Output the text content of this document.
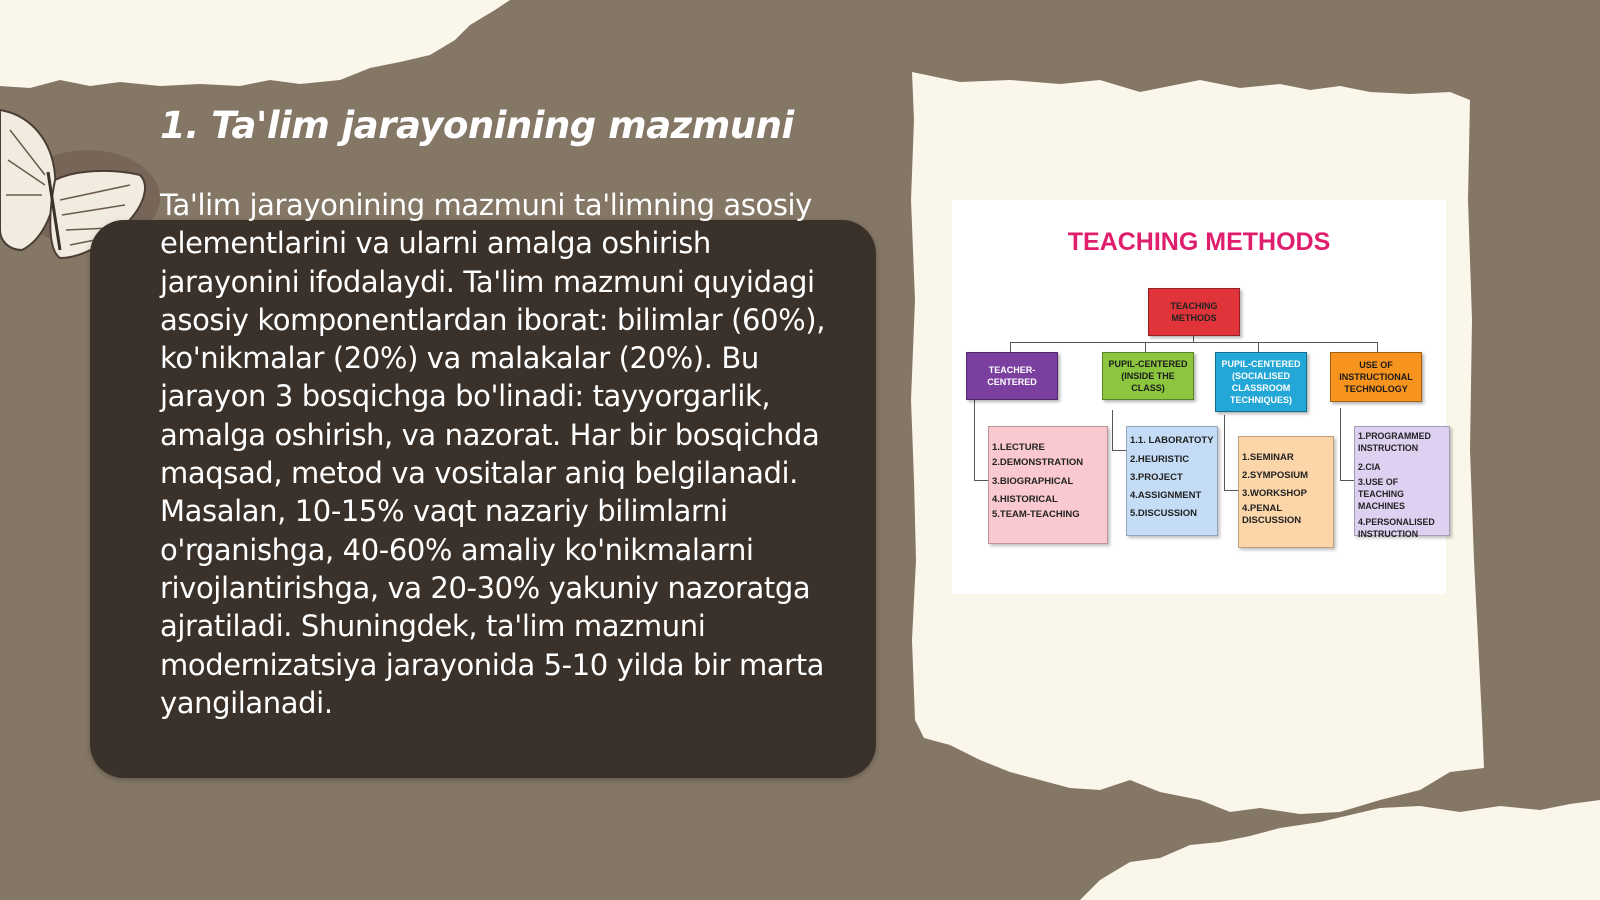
1. Ta'lim jarayonining mazmuni

Ta'lim jarayonining mazmuni ta'limning asosiy elementlarini va ularni amalga oshirish jarayonini ifodalaydi. Ta'lim mazmuni quyidagi asosiy komponentlardan iborat: bilimlar (60%), ko'nikmalar (20%) va malakalar (20%). Bu jarayon 3 bosqichga bo'linadi: tayyorgarlik, amalga oshirish, va nazorat. Har bir bosqichda maqsad, metod va vositalar aniq belgilanadi. Masalan, 10-15% vaqt nazariy bilimlarni o'rganishga, 40-60% amaliy ko'nikmalarni rivojlantirishga, va 20-30% yakuniy nazoratga ajratiladi. Shuningdek, ta'lim mazmuni modernizatsiya jarayonida 5-10 yilda bir marta yangilanadi.

TEACHING METHODS
TEACHING METHODS
TEACHER-CENTERED
PUPIL-CENTERED (INSIDE THE CLASS)
PUPIL-CENTERED (SOCIALISED CLASSROOM TECHNIQUES)
USE OF INSTRUCTIONAL TECHNOLOGY
1.LECTURE
2.DEMONSTRATION
3.BIOGRAPHICAL
4.HISTORICAL
5.TEAM-TEACHING
1.1. LABORATOTY
2.HEURISTIC
3.PROJECT
4.ASSIGNMENT
5.DISCUSSION
1.SEMINAR
2.SYMPOSIUM
3.WORKSHOP
4.PENAL DISCUSSION
1.PROGRAMMED INSTRUCTION
2.CIA
3.USE OF TEACHING MACHINES
4.PERSONALISED INSTRUCTION
